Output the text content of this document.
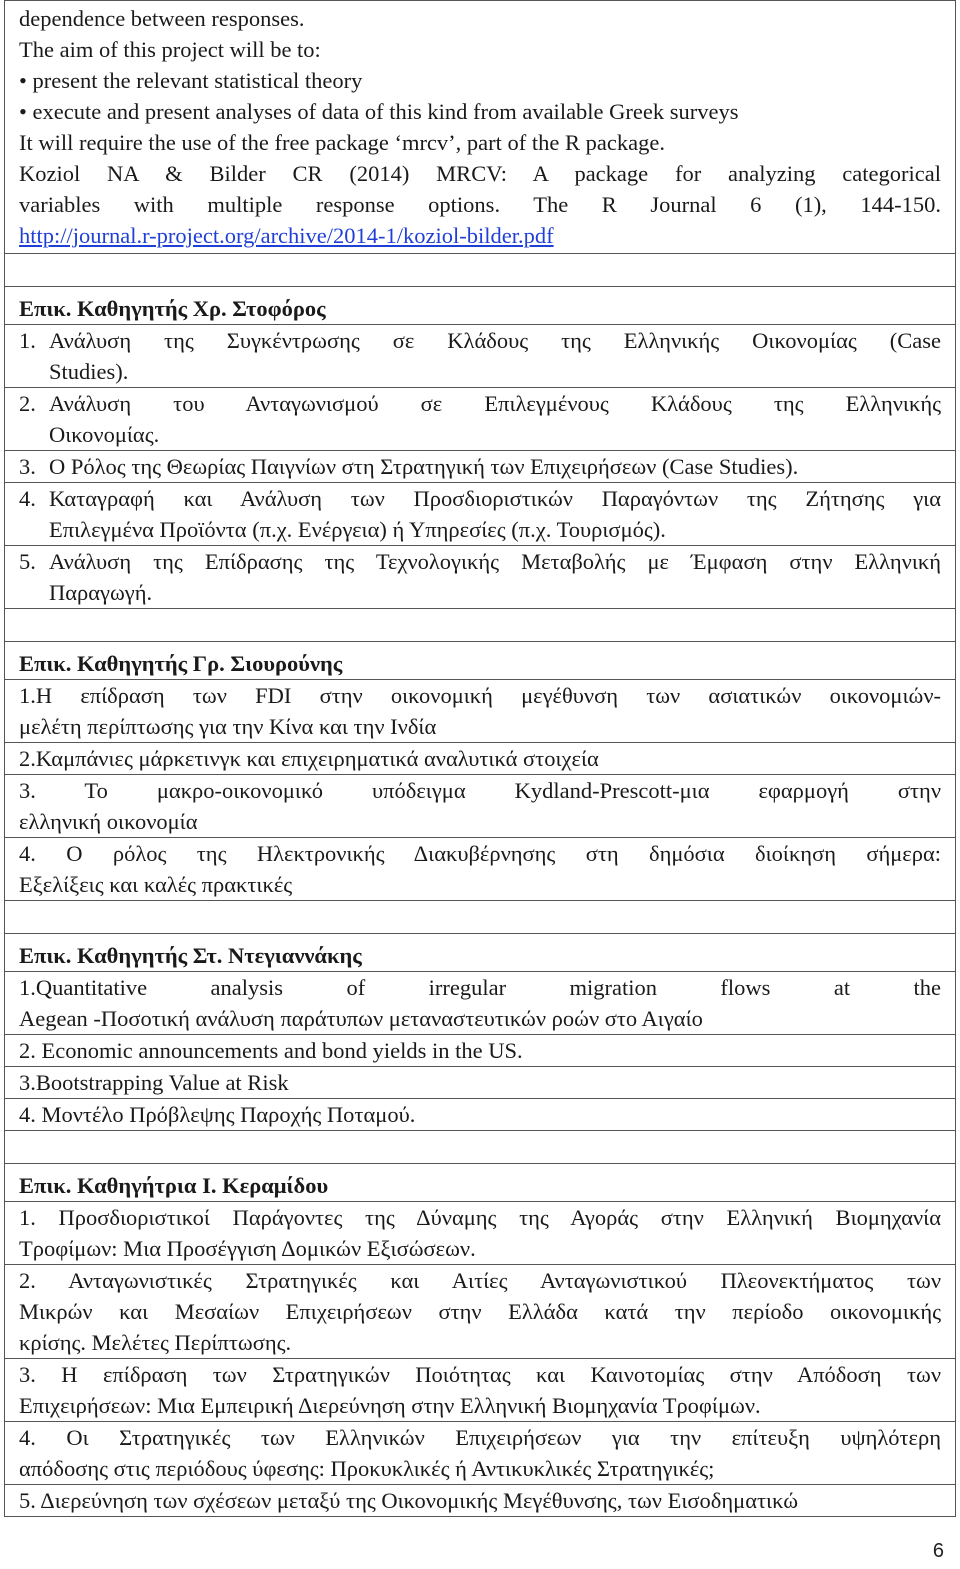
dependence between responses.
The aim of this project will be to:
• present the relevant statistical theory
• execute and present analyses of data of this kind from available Greek surveys
It will require the use of the free package ‘mrcv’, part of the R package.
Koziol NA & Bilder CR (2014) MRCV: A package for analyzing categorical
variables with multiple response options. The R Journal 6 (1), 144-150.
http://journal.r-project.org/archive/2014-1/koziol-bilder.pdf

Επικ. Καθηγητής Χρ. Στοφόρος

1. Ανάλυση της Συγκέντρωσης σε Κλάδους της Ελληνικής Οικονομίας (Case
Studies).

2. Ανάλυση του Ανταγωνισμού σε Επιλεγμένους Κλάδους της Ελληνικής
Οικονομίας.

3. Ο Ρόλος της Θεωρίας Παιγνίων στη Στρατηγική των Επιχειρήσεων (Case Studies).

4. Καταγραφή και Ανάλυση των Προσδιοριστικών Παραγόντων της Ζήτησης για
Επιλεγμένα Προϊόντα (π.χ. Ενέργεια) ή Υπηρεσίες (π.χ. Τουρισμός).

5. Ανάλυση της Επίδρασης της Τεχνολογικής Μεταβολής με Έμφαση στην Ελληνική
Παραγωγή.

Επικ. Καθηγητής Γρ. Σιουρούνης

1.Η επίδραση των FDI στην οικονομική μεγέθυνση των ασιατικών οικονομιών-
μελέτη περίπτωσης για την Κίνα και την Ινδία

2.Καμπάνιες μάρκετινγκ και επιχειρηματικά αναλυτικά στοιχεία

3. Το μακρο-οικονομικό υπόδειγμα Kydland-Prescott-μια εφαρμογή στην
ελληνική οικονομία

4. Ο ρόλος της Ηλεκτρονικής Διακυβέρνησης στη δημόσια διοίκηση σήμερα:
Εξελίξεις και καλές πρακτικές

Επικ. Καθηγητής Στ. Ντεγιαννάκης

1.Quantitative analysis of irregular migration flows at the
Aegean -Ποσοτική ανάλυση παράτυπων μεταναστευτικών ροών στο Αιγαίο

2. Economic announcements and bond yields in the US.

3.Bootstrapping Value at Risk

4. Μοντέλο Πρόβλεψης Παροχής Ποταμού.

Επικ. Καθηγήτρια Ι. Κεραμίδου

1. Προσδιοριστικοί Παράγοντες της Δύναμης της Αγοράς στην Ελληνική Βιομηχανία
Τροφίμων: Μια Προσέγγιση Δομικών Εξισώσεων.

2. Ανταγωνιστικές Στρατηγικές και Αιτίες Ανταγωνιστικού Πλεονεκτήματος των
Μικρών και Μεσαίων Επιχειρήσεων στην Ελλάδα κατά την περίοδο οικονομικής
κρίσης. Μελέτες Περίπτωσης.

3. Η επίδραση των Στρατηγικών Ποιότητας και Καινοτομίας στην Απόδοση των
Επιχειρήσεων: Μια Εμπειρική Διερεύνηση στην Ελληνική Βιομηχανία Τροφίμων.

4. Οι Στρατηγικές των Ελληνικών Επιχειρήσεων για την επίτευξη υψηλότερη
απόδοσης στις περιόδους ύφεσης: Προκυκλικές ή Αντικυκλικές Στρατηγικές;

5. Διερεύνηση των σχέσεων μεταξύ της Οικονομικής Μεγέθυνσης, των Εισοδηματικώ
6
